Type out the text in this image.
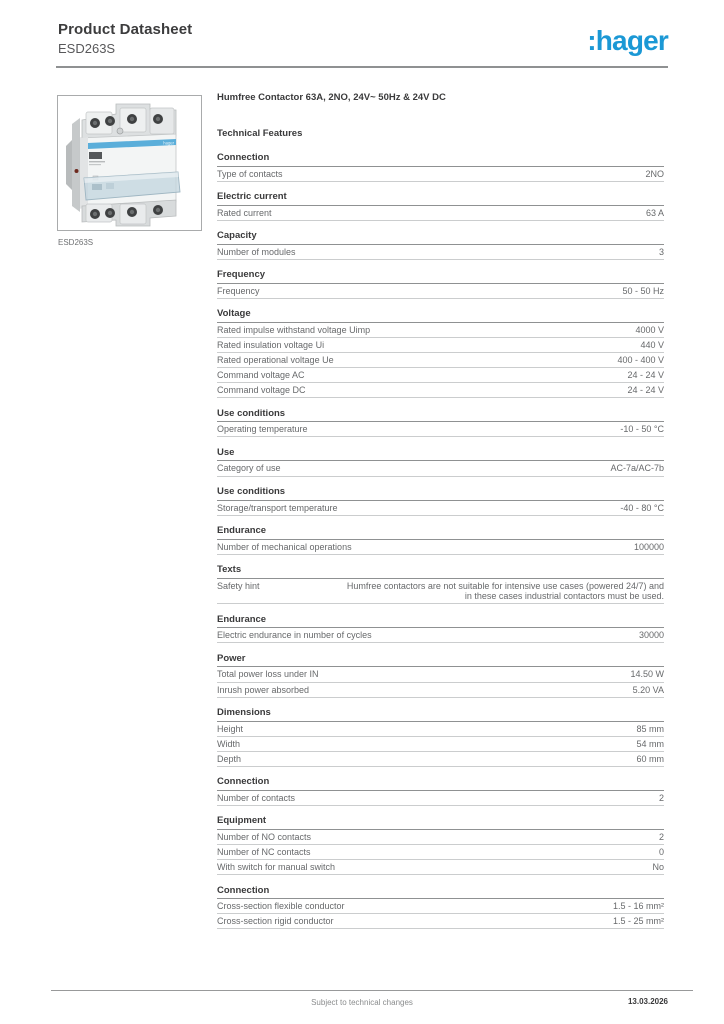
Product Datasheet
ESD263S	:hager
hager
ESD263S
Humfree Contactor 63A, 2NO, 24V~ 50Hz & 24V DC
Technical Features
Connection
Type of contacts	2NO
Electric current
Rated current	63 A
Capacity
Number of modules	3
Frequency
Frequency	50 - 50 Hz
Voltage
Rated impulse withstand voltage Uimp	4000 V
Rated insulation voltage Ui	440 V
Rated operational voltage Ue	400 - 400 V
Command voltage AC	24 - 24 V
Command voltage DC	24 - 24 V
Use conditions
Operating temperature	-10 - 50 °C
Use
Category of use	AC-7a/AC-7b
Use conditions
Storage/transport temperature	-40 - 80 °C
Endurance
Number of mechanical operations	100000
Texts
Safety hint	Humfree contactors are not suitable for intensive use cases (powered 24/7) and in these cases industrial contactors must be used.
Endurance
Electric endurance in number of cycles	30000
Power
Total power loss under IN	14.50 W
Inrush power absorbed	5.20 VA
Dimensions
Height	85 mm
Width	54 mm
Depth	60 mm
Connection
Number of contacts	2
Equipment
Number of NO contacts	2
Number of NC contacts	0
With switch for manual switch	No
Connection
Cross-section flexible conductor	1.5 - 16 mm²
Cross-section rigid conductor	1.5 - 25 mm²
Subject to technical changes	13.03.2026
